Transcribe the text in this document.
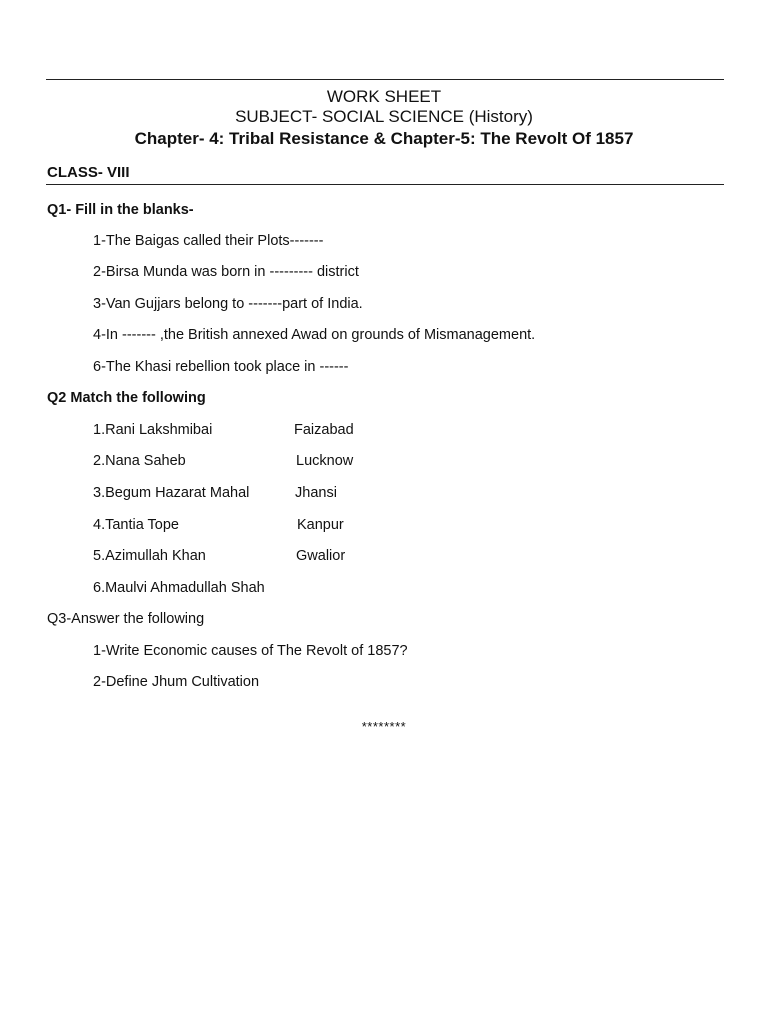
WORK SHEET
SUBJECT- SOCIAL SCIENCE (History)
Chapter- 4: Tribal Resistance & Chapter-5: The Revolt Of 1857
CLASS- VIII
Q1- Fill in the blanks-
1-The Baigas called their Plots-------
2-Birsa Munda was born in --------- district
3-Van Gujjars belong to -------part of India.
4-In ------- ,the British annexed Awad on grounds of Mismanagement.
6-The Khasi rebellion took place in ------
Q2 Match the following
1.Rani Lakshmibai	Faizabad
2.Nana Saheb	Lucknow
3.Begum Hazarat Mahal	Jhansi
4.Tantia Tope	Kanpur
5.Azimullah Khan	Gwalior
6.Maulvi Ahmadullah Shah
Q3-Answer the following
1-Write Economic causes of The Revolt of 1857?
2-Define Jhum Cultivation
********
